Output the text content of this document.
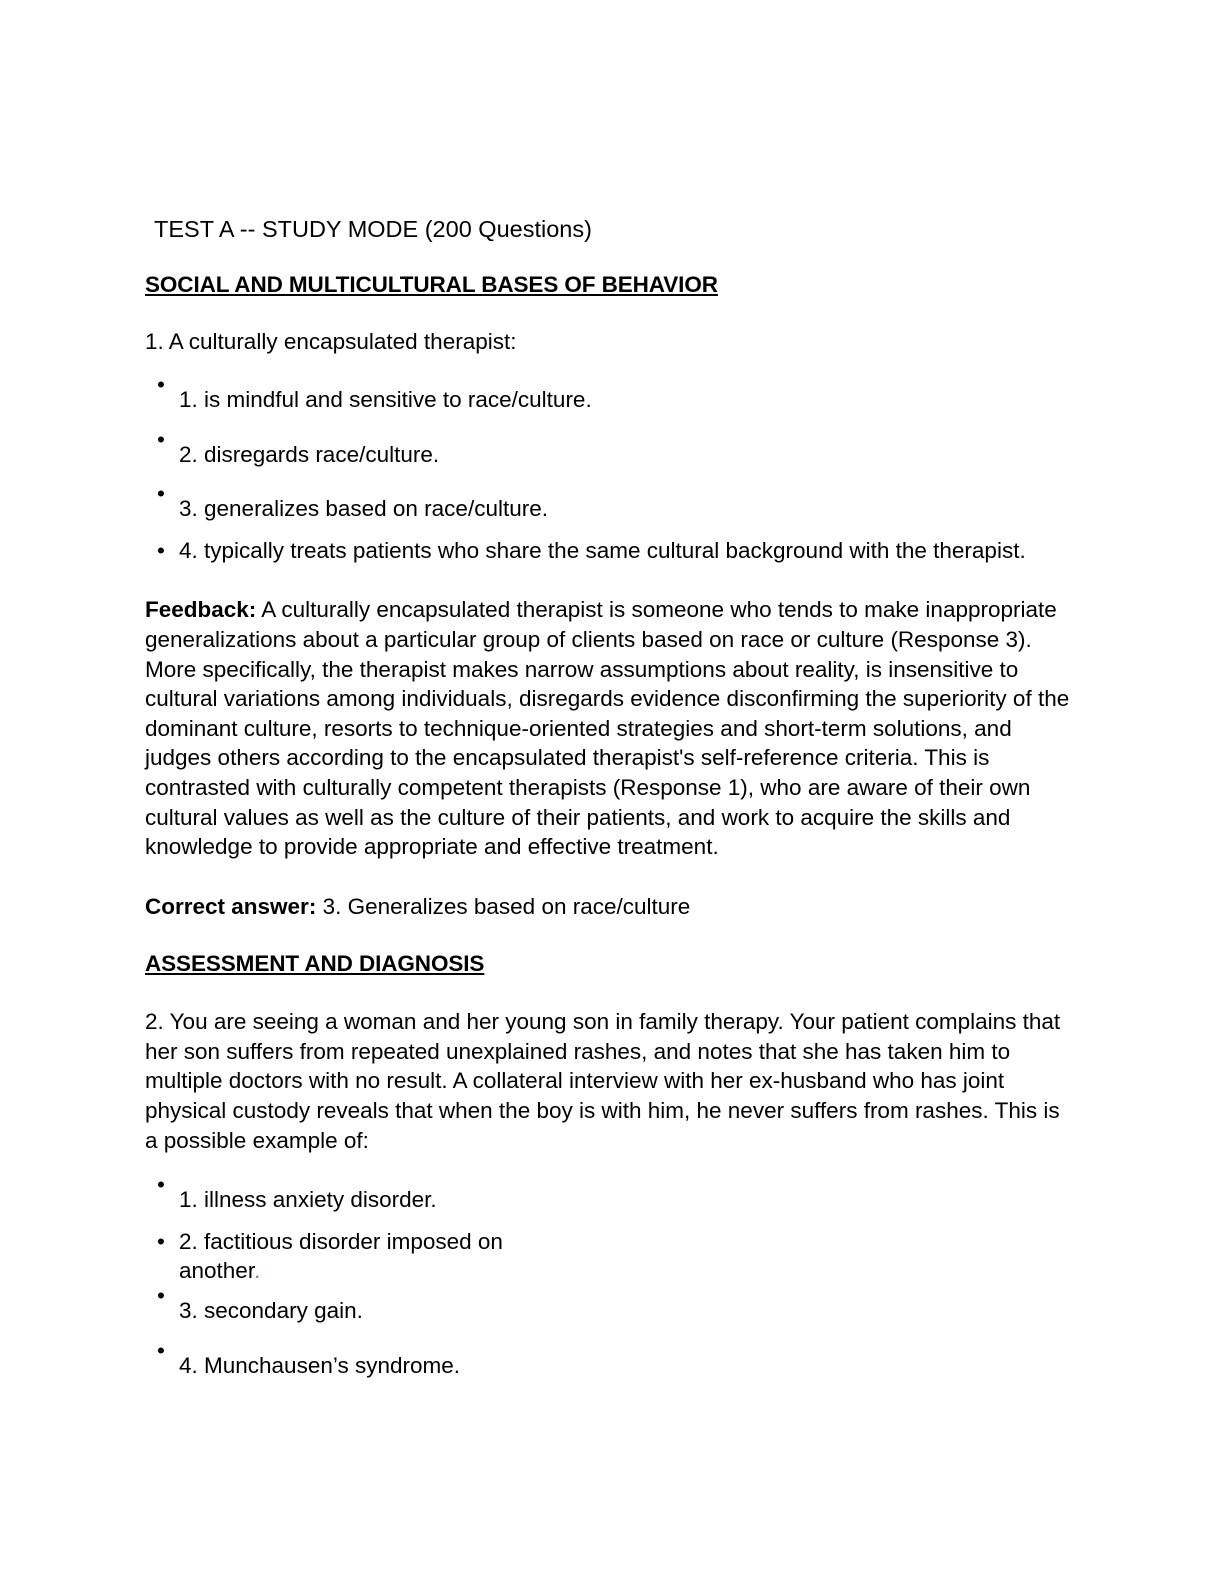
TEST A -- STUDY MODE (200 Questions)
SOCIAL AND MULTICULTURAL BASES OF BEHAVIOR

1. A culturally encapsulated therapist:

•
1. is mindful and sensitive to race/culture.
•
2. disregards race/culture.
•
3. generalizes based on race/culture.
• 4. typically treats patients who share the same cultural background with the therapist.

Feedback: A culturally encapsulated therapist is someone who tends to make inappropriate generalizations about a particular group of clients based on race or culture (Response 3). More specifically, the therapist makes narrow assumptions about reality, is insensitive to cultural variations among individuals, disregards evidence disconfirming the superiority of the dominant culture, resorts to technique-oriented strategies and short-term solutions, and judges others according to the encapsulated therapist's self-reference criteria. This is contrasted with culturally competent therapists (Response 1), who are aware of their own cultural values as well as the culture of their patients, and work to acquire the skills and knowledge to provide appropriate and effective treatment.

Correct answer: 3. Generalizes based on race/culture

ASSESSMENT AND DIAGNOSIS

2. You are seeing a woman and her young son in family therapy. Your patient complains that her son suffers from repeated unexplained rashes, and notes that she has taken him to multiple doctors with no result. A collateral interview with her ex-husband who has joint physical custody reveals that when the boy is with him, he never suffers from rashes. This is a possible example of:

•
1. illness anxiety disorder.
• 2. factitious disorder imposed on another.
•
3. secondary gain.
•
4. Munchausen’s syndrome.
